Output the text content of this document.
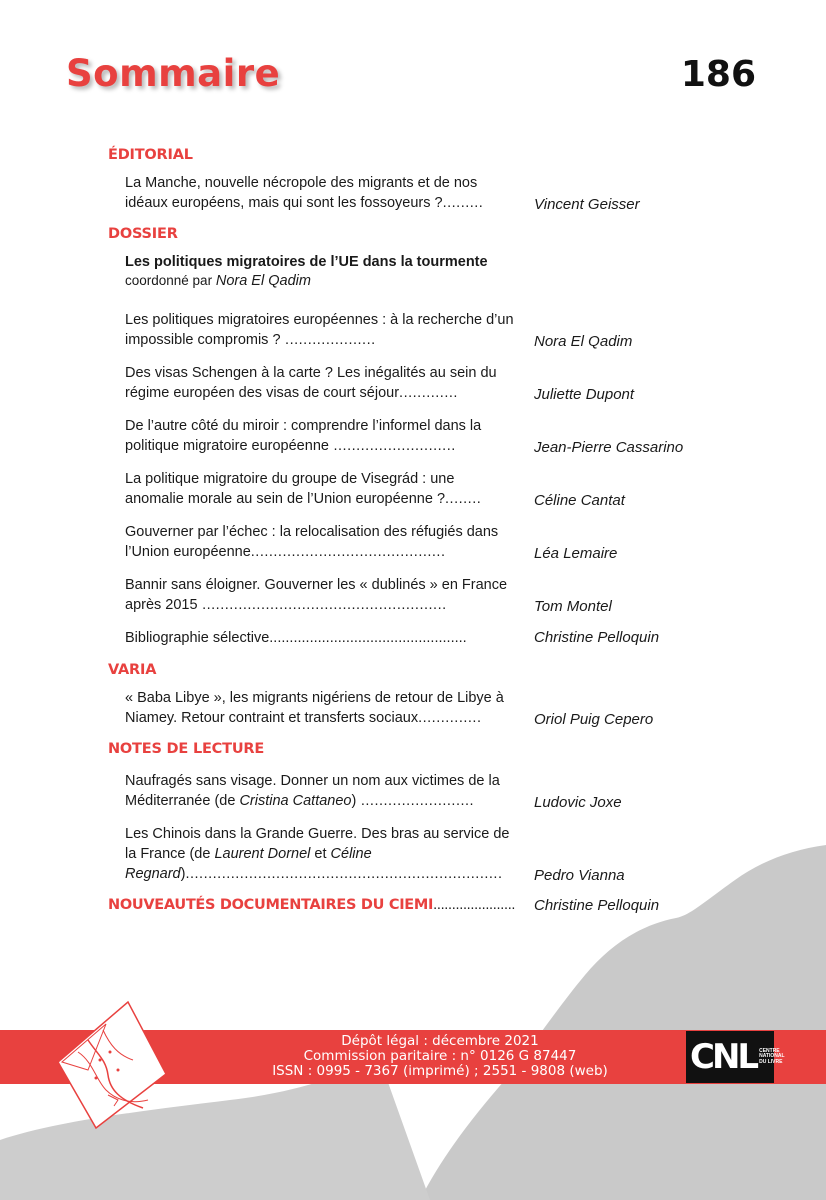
Sommaire	186
ÉDITORIAL
La Manche, nouvelle nécropole des migrants et de nos idéaux européens, mais qui sont les fossoyeurs ?.........	Vincent Geisser
DOSSIER
Les politiques migratoires de l’UE dans la tourmente
coordonné par Nora El Qadim
Les politiques migratoires européennes : à la recherche d’un impossible compromis ? ....................	Nora El Qadim
Des visas Schengen à la carte ? Les inégalités au sein du régime européen des visas de court séjour.............	Juliette Dupont
De l’autre côté du miroir : comprendre l’informel dans la politique migratoire européenne ...........................	Jean-Pierre Cassarino
La politique migratoire du groupe de Visegrád : une anomalie morale au sein de l’Union européenne ?........	Céline Cantat
Gouverner par l’échec : la relocalisation des réfugiés dans l’Union européenne...........................................	Léa Lemaire
Bannir sans éloigner. Gouverner les « dublinés » en France après 2015 ......................................................	Tom Montel
Bibliographie sélective.................................................	Christine Pelloquin
VARIA
« Baba Libye », les migrants nigériens de retour de Libye à Niamey. Retour contraint et transferts sociaux..............	Oriol Puig Cepero
NOTES DE LECTURE
Naufragés sans visage. Donner un nom aux victimes de la Méditerranée (de Cristina Cattaneo) .........................	Ludovic Joxe
Les Chinois dans la Grande Guerre. Des bras au service de la France (de Laurent Dornel et Céline Regnard)......................................................................	Pedro Vianna
NOUVEAUTÉS DOCUMENTAIRES DU CIEMI......................	Christine Pelloquin
Dépôt légal : décembre 2021
Commission paritaire : n° 0126 G 87447
ISSN : 0995 - 7367 (imprimé) ; 2551 - 9808 (web)	CNL CENTRE NATIONAL DU LIVRE
